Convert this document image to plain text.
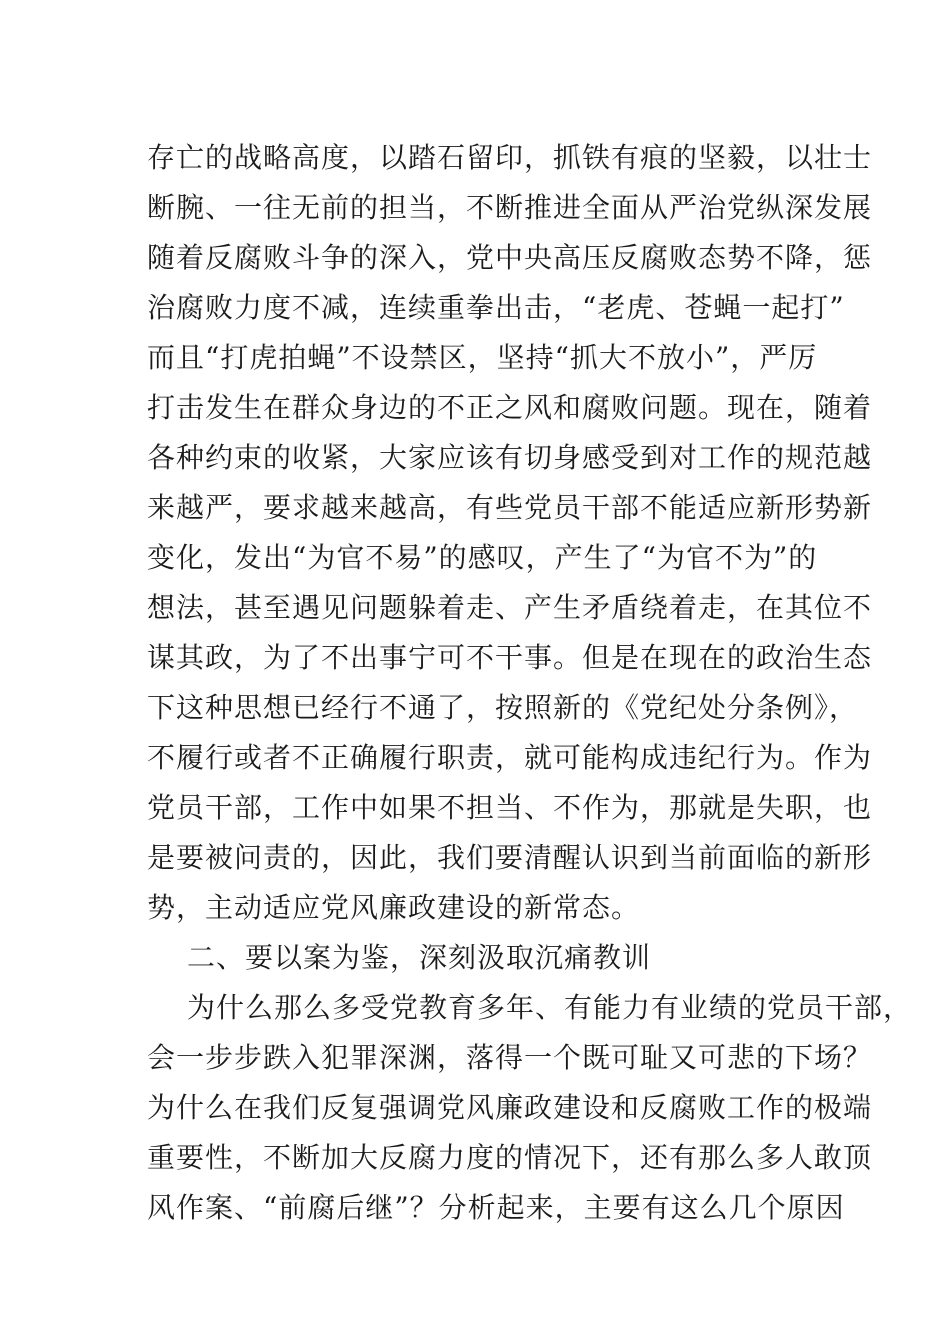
存亡的战略高度，以踏石留印，抓铁有痕的坚毅，以壮士
断腕、一往无前的担当，不断推进全面从严治党纵深发展
随着反腐败斗争的深入，党中央高压反腐败态势不降，惩
治腐败力度不减，连续重拳出击，“老虎、苍蝇一起打”
而且“打虎拍蝇”不设禁区，坚持“抓大不放小”，严厉
打击发生在群众身边的不正之风和腐败问题。现在，随着
各种约束的收紧，大家应该有切身感受到对工作的规范越
来越严，要求越来越高，有些党员干部不能适应新形势新
变化，发出“为官不易”的感叹，产生了“为官不为”的
想法，甚至遇见问题躲着走、产生矛盾绕着走，在其位不
谋其政，为了不出事宁可不干事。但是在现在的政治生态
下这种思想已经行不通了，按照新的《党纪处分条例》，
不履行或者不正确履行职责，就可能构成违纪行为。作为
党员干部，工作中如果不担当、不作为，那就是失职，也
是要被问责的，因此，我们要清醒认识到当前面临的新形
势，主动适应党风廉政建设的新常态。
二、要以案为鉴，深刻汲取沉痛教训
为什么那么多受党教育多年、有能力有业绩的党员干部，
会一步步跌入犯罪深渊，落得一个既可耻又可悲的下场？
为什么在我们反复强调党风廉政建设和反腐败工作的极端
重要性，不断加大反腐力度的情况下，还有那么多人敢顶
风作案、“前腐后继”？分析起来，主要有这么几个原因
